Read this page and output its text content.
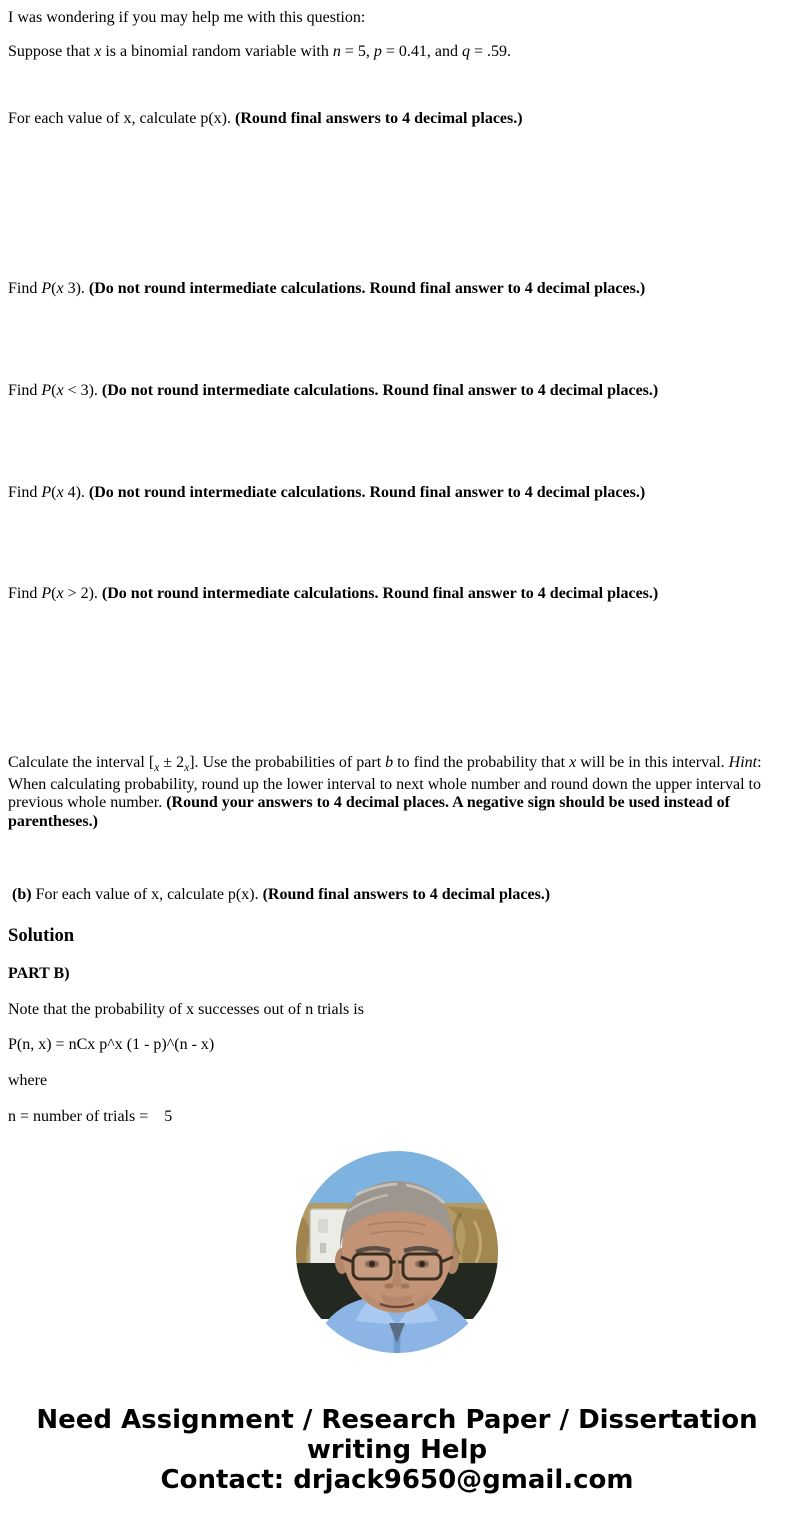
I was wondering if you may help me with this question:

Suppose that x is a binomial random variable with n = 5, p = 0.41, and q = .59.

For each value of x, calculate p(x). (Round final answers to 4 decimal places.)

Find P(x 3). (Do not round intermediate calculations. Round final answer to 4 decimal places.)

Find P(x < 3). (Do not round intermediate calculations. Round final answer to 4 decimal places.)

Find P(x 4). (Do not round intermediate calculations. Round final answer to 4 decimal places.)

Find P(x > 2). (Do not round intermediate calculations. Round final answer to 4 decimal places.)

Calculate the interval $[_x \pm 2_x]$. Use the probabilities of part b to find the probability that x will be in this interval. Hint: When calculating probability, round up the lower interval to next whole number and round down the upper interval to previous whole number. (Round your answers to 4 decimal places. A negative sign should be used instead of parentheses.)

(b) For each value of x, calculate p(x). (Round final answers to 4 decimal places.)

Solution

PART B)

Note that the probability of x successes out of n trials is

P(n, x) = nCx p^x (1 - p)^(n - x)

where

n = number of trials =    5

Need Assignment / Research Paper / Dissertation
writing Help
Contact: drjack9650@gmail.com
